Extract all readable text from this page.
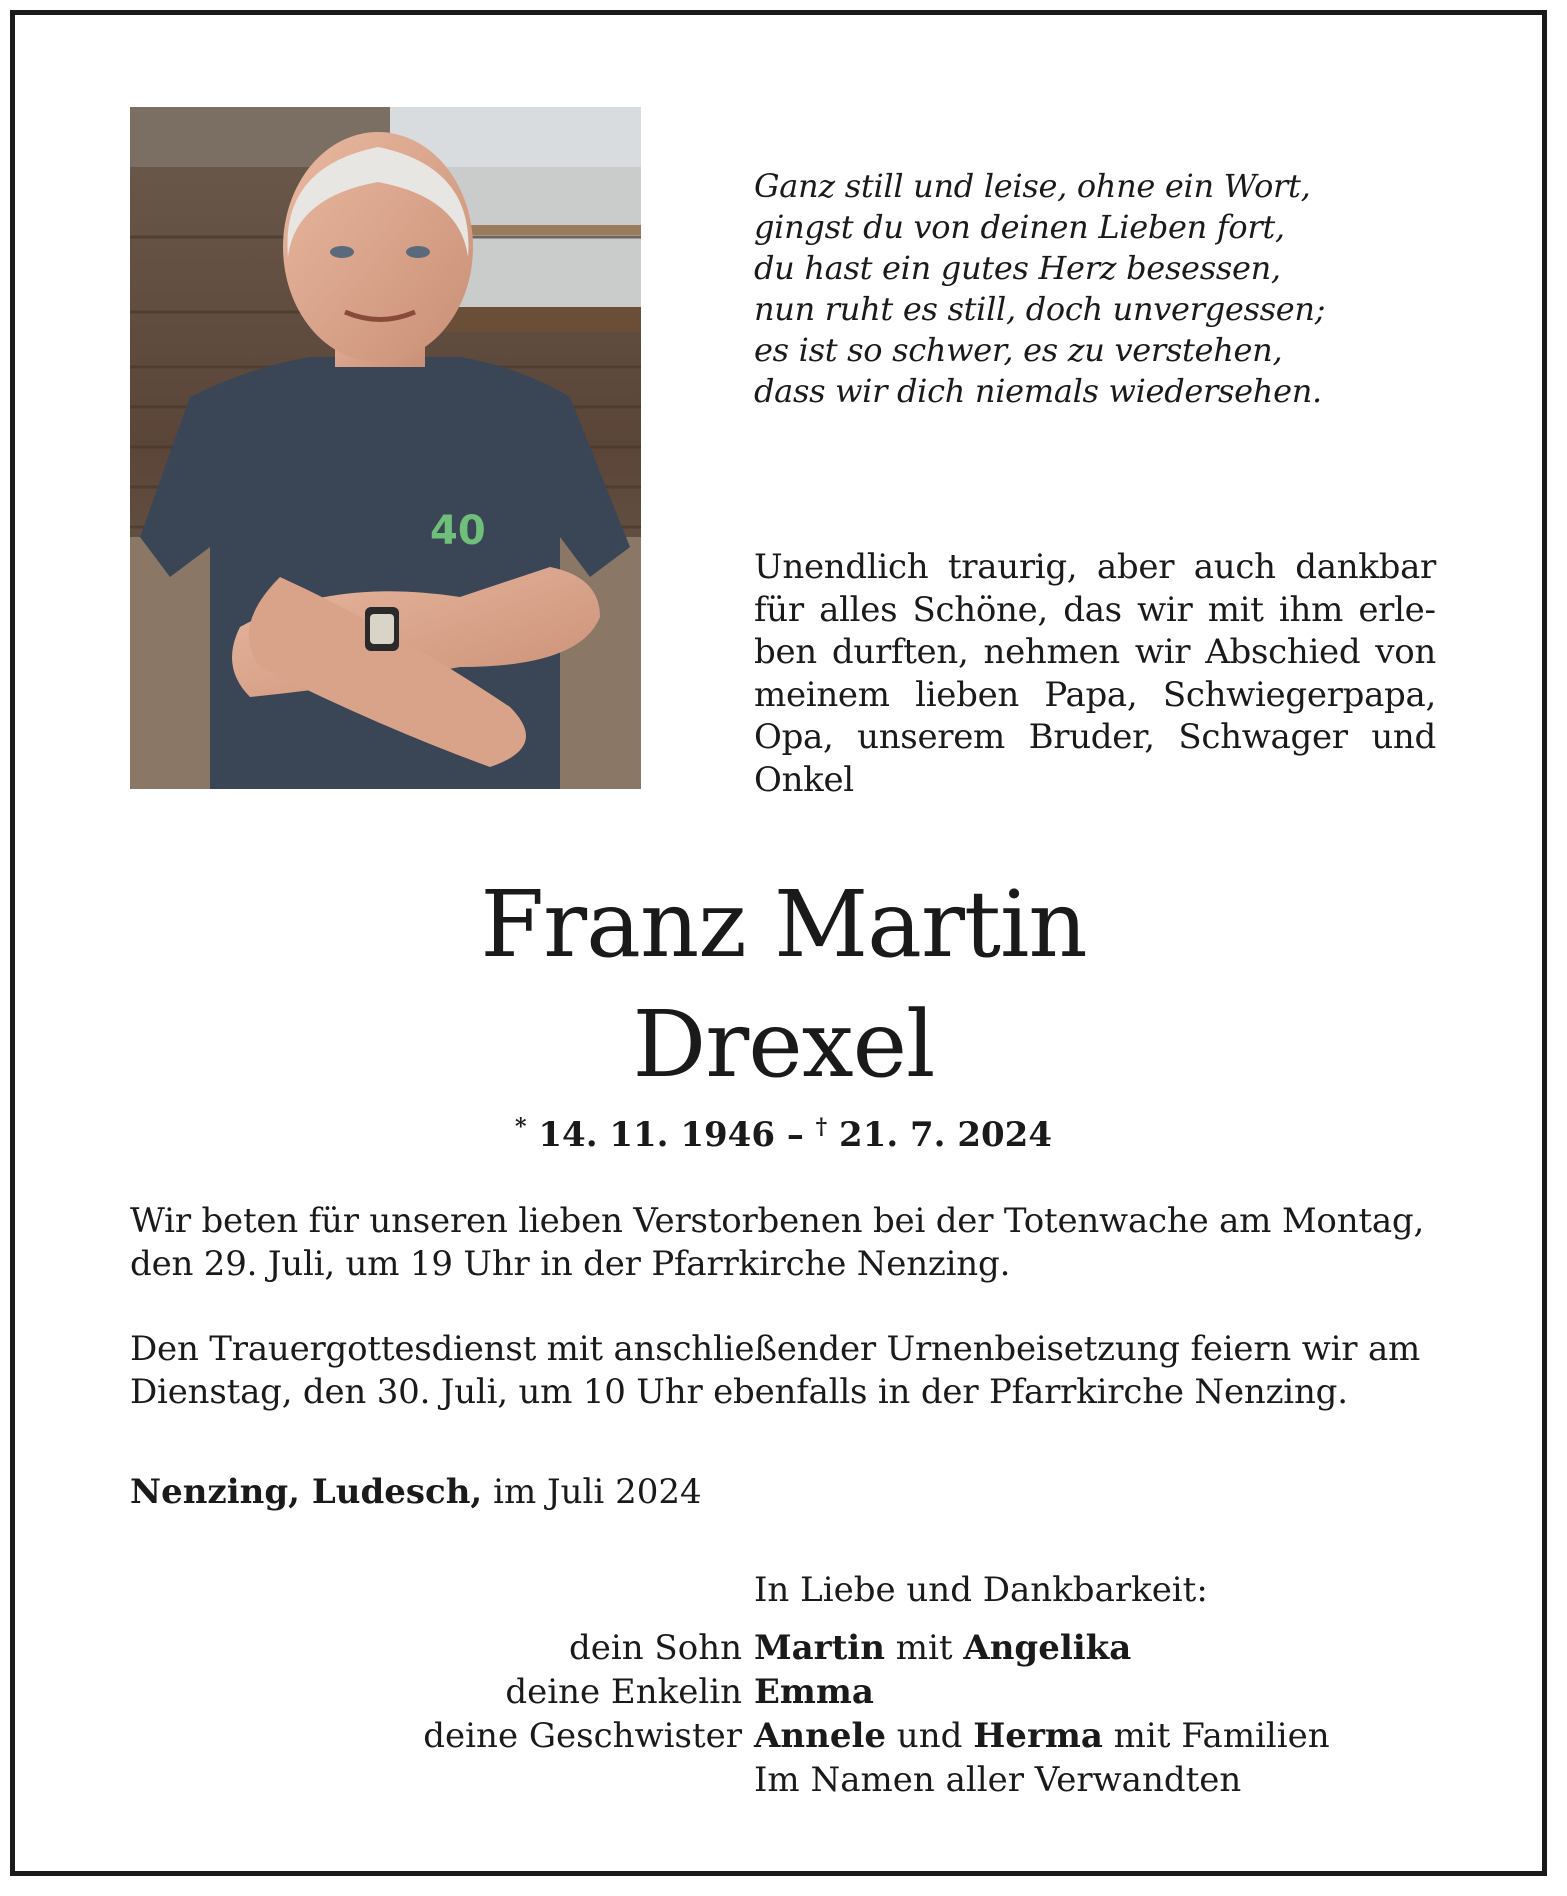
40
Ganz still und leise, ohne ein Wort,
gingst du von deinen Lieben fort,
du hast ein gutes Herz besessen,
nun ruht es still, doch unvergessen;
es ist so schwer, es zu verstehen,
dass wir dich niemals wiedersehen.
Unendlich traurig, aber auch dankbar für alles Schöne, das wir mit ihm erleben durften, nehmen wir Abschied von meinem lieben Papa, Schwiegerpapa, Opa, unserem Bruder, Schwager und Onkel
Franz Martin
Drexel
* 14. 11. 1946 – † 21. 7. 2024
Wir beten für unseren lieben Verstorbenen bei der Totenwache am Montag, den 29. Juli, um 19 Uhr in der Pfarrkirche Nenzing.
Den Trauergottesdienst mit anschließender Urnenbeisetzung feiern wir am Dienstag, den 30. Juli, um 10 Uhr ebenfalls in der Pfarrkirche Nenzing.
Nenzing, Ludesch, im Juli 2024
In Liebe und Dankbarkeit:
dein Sohn Martin mit Angelika
deine Enkelin Emma
deine Geschwister Annele und Herma mit Familien
Im Namen aller Verwandten
